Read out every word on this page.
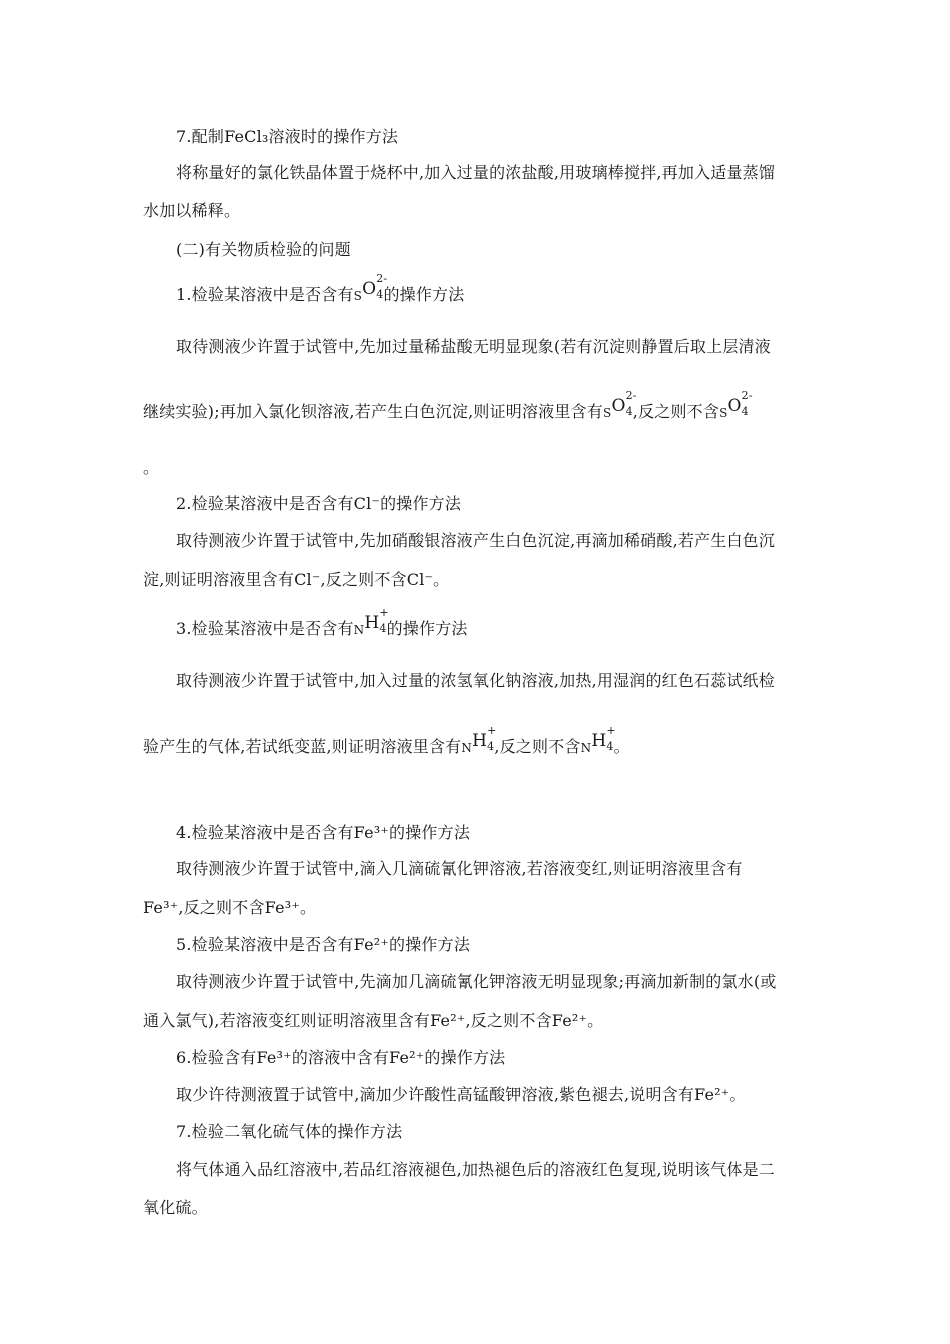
7.配制FeCl₃溶液时的操作方法
将称量好的氯化铁晶体置于烧杯中,加入过量的浓盐酸,用玻璃棒搅拌,再加入适量蒸馏
水加以稀释。
(二)有关物质检验的问题
1.检验某溶液中是否含有SO
2-
4的操作方法
取待测液少许置于试管中,先加过量稀盐酸无明显现象(若有沉淀则静置后取上层清液
继续实验);再加入氯化钡溶液,若产生白色沉淀,则证明溶液里含有SO
2-
4,反之则不含SO
2-
4
。
2.检验某溶液中是否含有Cl⁻的操作方法
取待测液少许置于试管中,先加硝酸银溶液产生白色沉淀,再滴加稀硝酸,若产生白色沉
淀,则证明溶液里含有Cl⁻,反之则不含Cl⁻。
3.检验某溶液中是否含有NH
+
4的操作方法
取待测液少许置于试管中,加入过量的浓氢氧化钠溶液,加热,用湿润的红色石蕊试纸检
验产生的气体,若试纸变蓝,则证明溶液里含有NH
+
4,反之则不含NH
+
4。
4.检验某溶液中是否含有Fe³⁺的操作方法
取待测液少许置于试管中,滴入几滴硫氰化钾溶液,若溶液变红,则证明溶液里含有
Fe³⁺,反之则不含Fe³⁺。
5.检验某溶液中是否含有Fe²⁺的操作方法
取待测液少许置于试管中,先滴加几滴硫氰化钾溶液无明显现象;再滴加新制的氯水(或
通入氯气),若溶液变红则证明溶液里含有Fe²⁺,反之则不含Fe²⁺。
6.检验含有Fe³⁺的溶液中含有Fe²⁺的操作方法
取少许待测液置于试管中,滴加少许酸性高锰酸钾溶液,紫色褪去,说明含有Fe²⁺。
7.检验二氧化硫气体的操作方法
将气体通入品红溶液中,若品红溶液褪色,加热褪色后的溶液红色复现,说明该气体是二
氧化硫。
